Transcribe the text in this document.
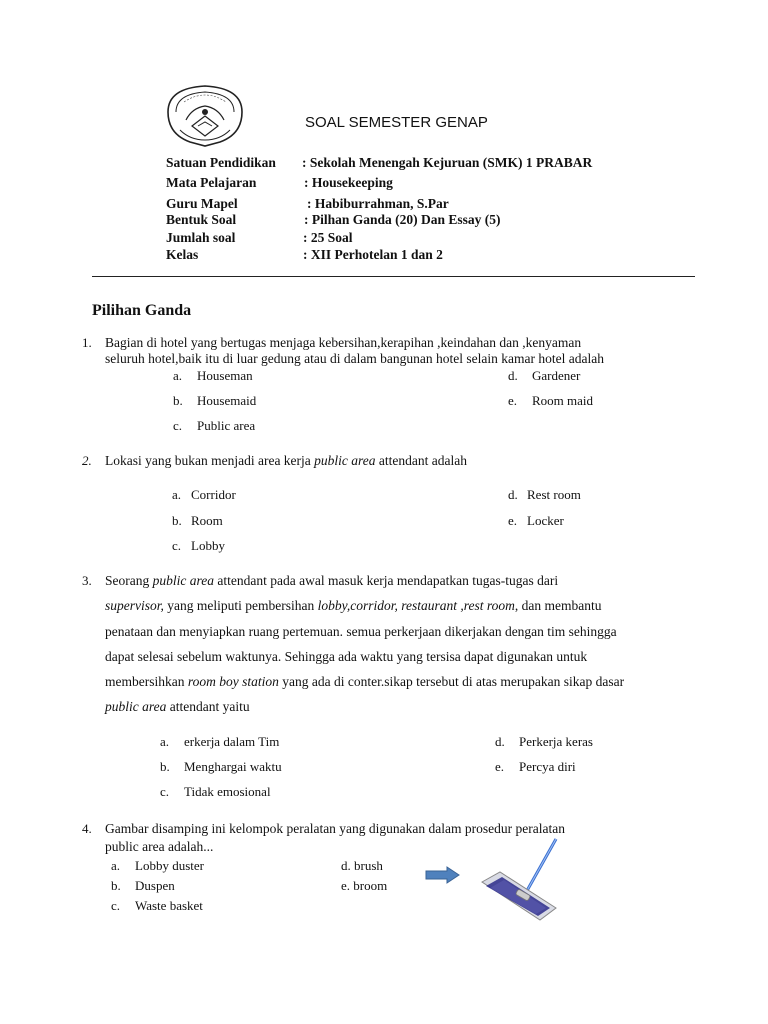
SOAL SEMESTER GENAP
Satuan Pendidikan : Sekolah Menengah Kejuruan (SMK) 1 PRABAR
Mata Pelajaran	: Housekeeping
Guru Mapel	: Habiburrahman, S.Par
Bentuk Soal	: Pilhan Ganda (20) Dan Essay (5)
Jumlah soal	: 25 Soal
Kelas	: XII Perhotelan 1 dan 2
Pilihan Ganda
1. Bagian di hotel yang bertugas menjaga kebersihan,kerapihan ,keindahan dan ,kenyaman
seluruh hotel,baik itu di luar gedung atau di dalam bangunan hotel selain kamar hotel adalah
a. Houseman
b. Housemaid
c. Public area
d. Gardener
e. Room maid
2. Lokasi yang bukan menjadi area kerja public area attendant adalah
a. Corridor
b. Room
c. Lobby
d. Rest room
e. Locker
3. Seorang public area attendant pada awal masuk kerja mendapatkan tugas-tugas dari
supervisor, yang meliputi pembersihan lobby,corridor, restaurant ,rest room, dan membantu
penataan dan menyiapkan ruang pertemuan. semua perkerjaan dikerjakan dengan tim sehingga
dapat selesai sebelum waktunya. Sehingga ada waktu yang tersisa dapat digunakan untuk
membersihkan room boy station yang ada di conter.sikap tersebut di atas merupakan sikap dasar
public area attendant yaitu
a. erkerja dalam Tim
b. Menghargai waktu
c. Tidak emosional
d. Perkerja keras
e. Percya diri
4. Gambar disamping ini kelompok peralatan yang digunakan dalam prosedur peralatan
public area adalah...
a. Lobby duster
b. Duspen
c. Waste basket
d. brush
e. broom
